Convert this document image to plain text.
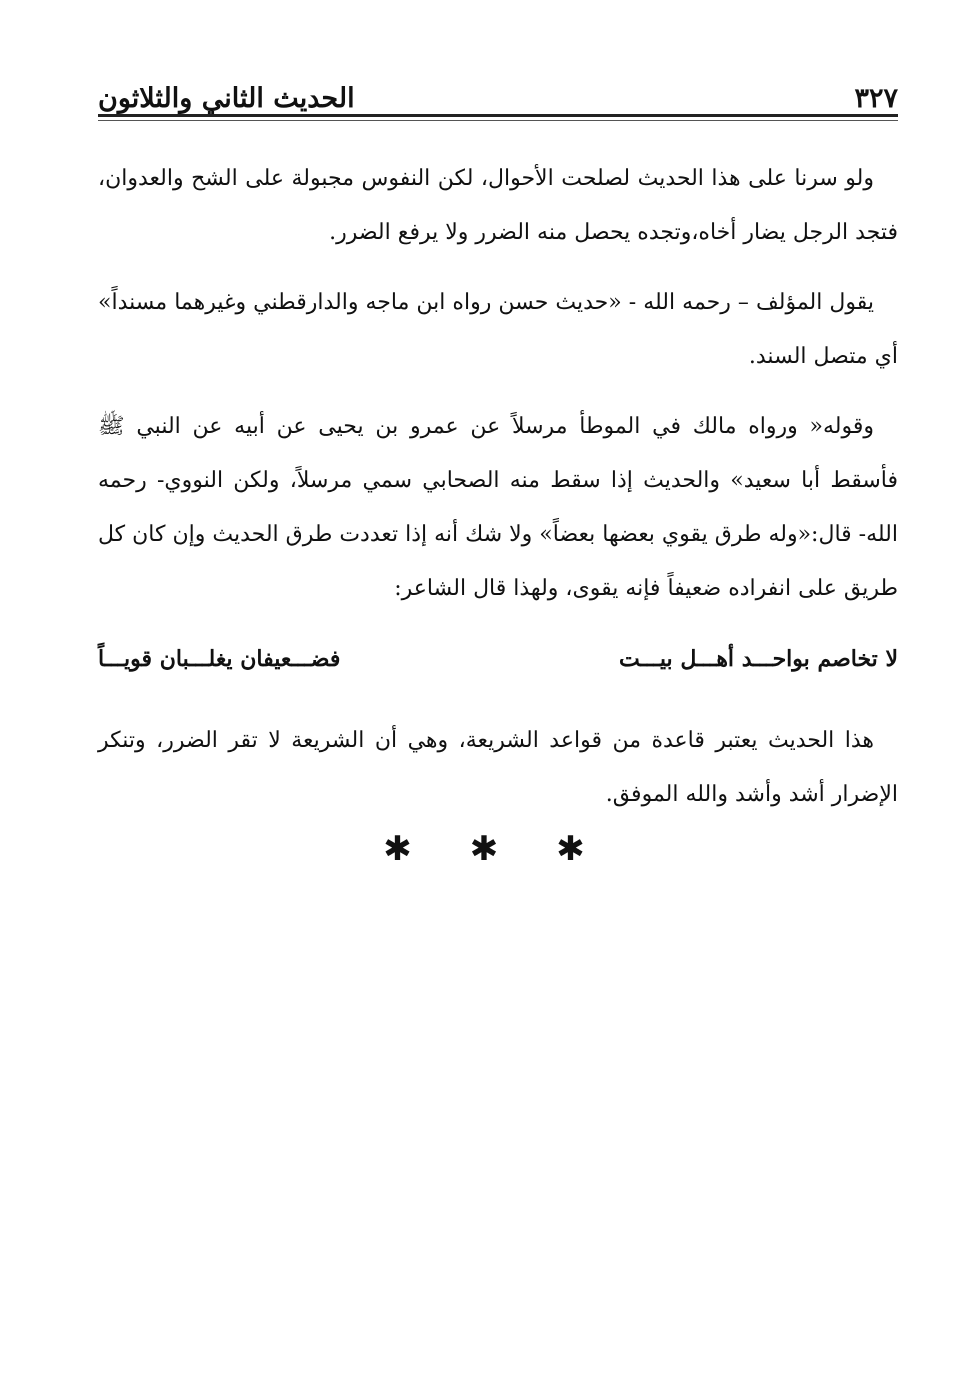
٣٢٧
الحديث الثاني والثلاثون

ولو سرنا على هذا الحديث لصلحت الأحوال، لكن النفوس مجبولة على الشح والعدوان، فتجد الرجل يضار أخاه،وتجده يحصل منه الضرر ولا يرفع الضرر.

يقول المؤلف – رحمه الله - «حديث حسن رواه ابن ماجه والدارقطني وغيرهما مسنداً» أي متصل السند.

وقوله« ورواه مالك في الموطأ مرسلاً عن عمرو بن يحيى عن أبيه عن النبي ﷺ فأسقط أبا سعيد» والحديث إذا سقط منه الصحابي سمي مرسلاً، ولكن النووي- رحمه الله- قال:«وله طرق يقوي بعضها بعضاً» ولا شك أنه إذا تعددت طرق الحديث وإن كان كل طريق على انفراده ضعيفاً فإنه يقوى، ولهذا قال الشاعر:

لا تخاصم بواحـــد أهـــل بيـــت
فضـــعيفان يغلـــبان قويـــاً

هذا الحديث يعتبر قاعدة من قواعد الشريعة، وهي أن الشريعة لا تقر الضرر، وتنكر الإضرار أشد وأشد والله الموفق.

✱ ✱ ✱
